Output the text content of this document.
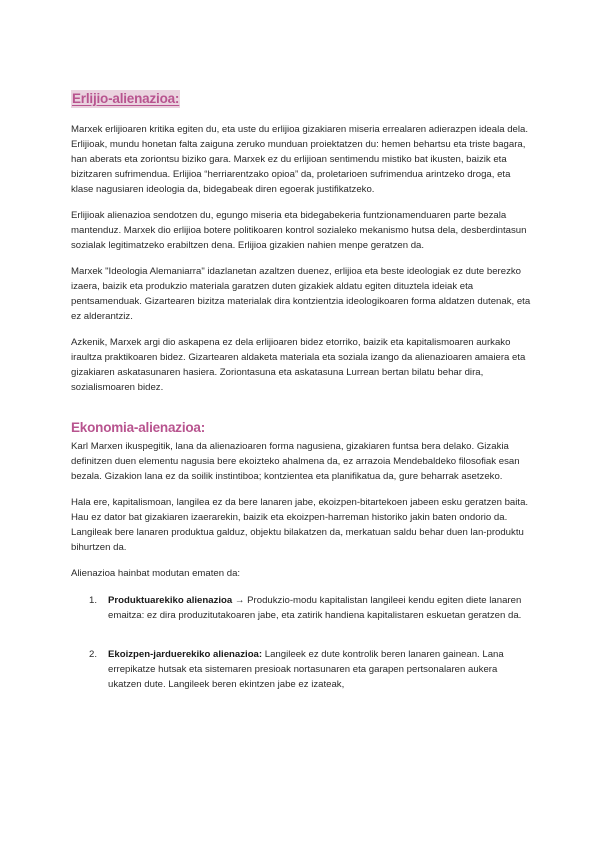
Erlijio-alienazioa:

Marxek erlijioaren kritika egiten du, eta uste du erlijioa gizakiaren miseria errealaren adierazpen ideala dela. Erlijioak, mundu honetan falta zaiguna zeruko munduan proiektatzen du: hemen behartsu eta triste bagara, han aberats eta zoriontsu biziko gara. Marxek ez du erlijioan sentimendu mistiko bat ikusten, baizik eta bizitzaren sufrimendua. Erlijioa “herriarentzako opioa” da, proletarioen sufrimendua arintzeko droga, eta klase nagusiaren ideologia da, bidegabeak diren egoerak justifikatzeko.

Erlijioak alienazioa sendotzen du, egungo miseria eta bidegabekeria funtzionamenduaren parte bezala mantenduz. Marxek dio erlijioa botere politikoaren kontrol sozialeko mekanismo hutsa dela, desberdintasun sozialak legitimatzeko erabiltzen dena. Erlijioa gizakien nahien menpe geratzen da.

Marxek "Ideologia Alemaniarra" idazlanetan azaltzen duenez, erlijioa eta beste ideologiak ez dute berezko izaera, baizik eta produkzio materiala garatzen duten gizakiek aldatu egiten dituztela ideiak eta pentsamenduak. Gizartearen bizitza materialak dira kontzientzia ideologikoaren forma aldatzen dutenak, eta ez alderantziz.

Azkenik, Marxek argi dio askapena ez dela erlijioaren bidez etorriko, baizik eta kapitalismoaren aurkako iraultza praktikoaren bidez. Gizartearen aldaketa materiala eta soziala izango da alienazioaren amaiera eta gizakiaren askatasunaren hasiera. Zoriontasuna eta askatasuna Lurrean bertan bilatu behar dira, sozialismoaren bidez.

Ekonomia-alienazioa:

Karl Marxen ikuspegitik, lana da alienazioaren forma nagusiena, gizakiaren funtsa bera delako. Gizakia definitzen duen elementu nagusia bere ekoizteko ahalmena da, ez arrazoia Mendebaldeko filosofiak esan bezala. Gizakion lana ez da soilik instintiboa; kontzientea eta planifikatua da, gure beharrak asetzeko.

Hala ere, kapitalismoan, langilea ez da bere lanaren jabe, ekoizpen-bitartekoen jabeen esku geratzen baita. Hau ez dator bat gizakiaren izaerarekin, baizik eta ekoizpen-harreman historiko jakin baten ondorio da. Langileak bere lanaren produktua galduz, objektu bilakatzen da, merkatuan saldu behar duen lan-produktu bihurtzen da.

Alienazioa hainbat modutan ematen da:

1. Produktuarekiko alienazioa → Produkzio-modu kapitalistan langileei kendu egiten diete lanaren emaitza: ez dira produzitutakoaren jabe, eta zatirik handiena kapitalistaren eskuetan geratzen da.
2. Ekoizpen-jarduerekiko alienazioa: Langileek ez dute kontrolik beren lanaren gainean. Lana errepikatze hutsak eta sistemaren presioak nortasunaren eta garapen pertsonalaren aukera ukatzen dute. Langileek beren ekintzen jabe ez izateak,
